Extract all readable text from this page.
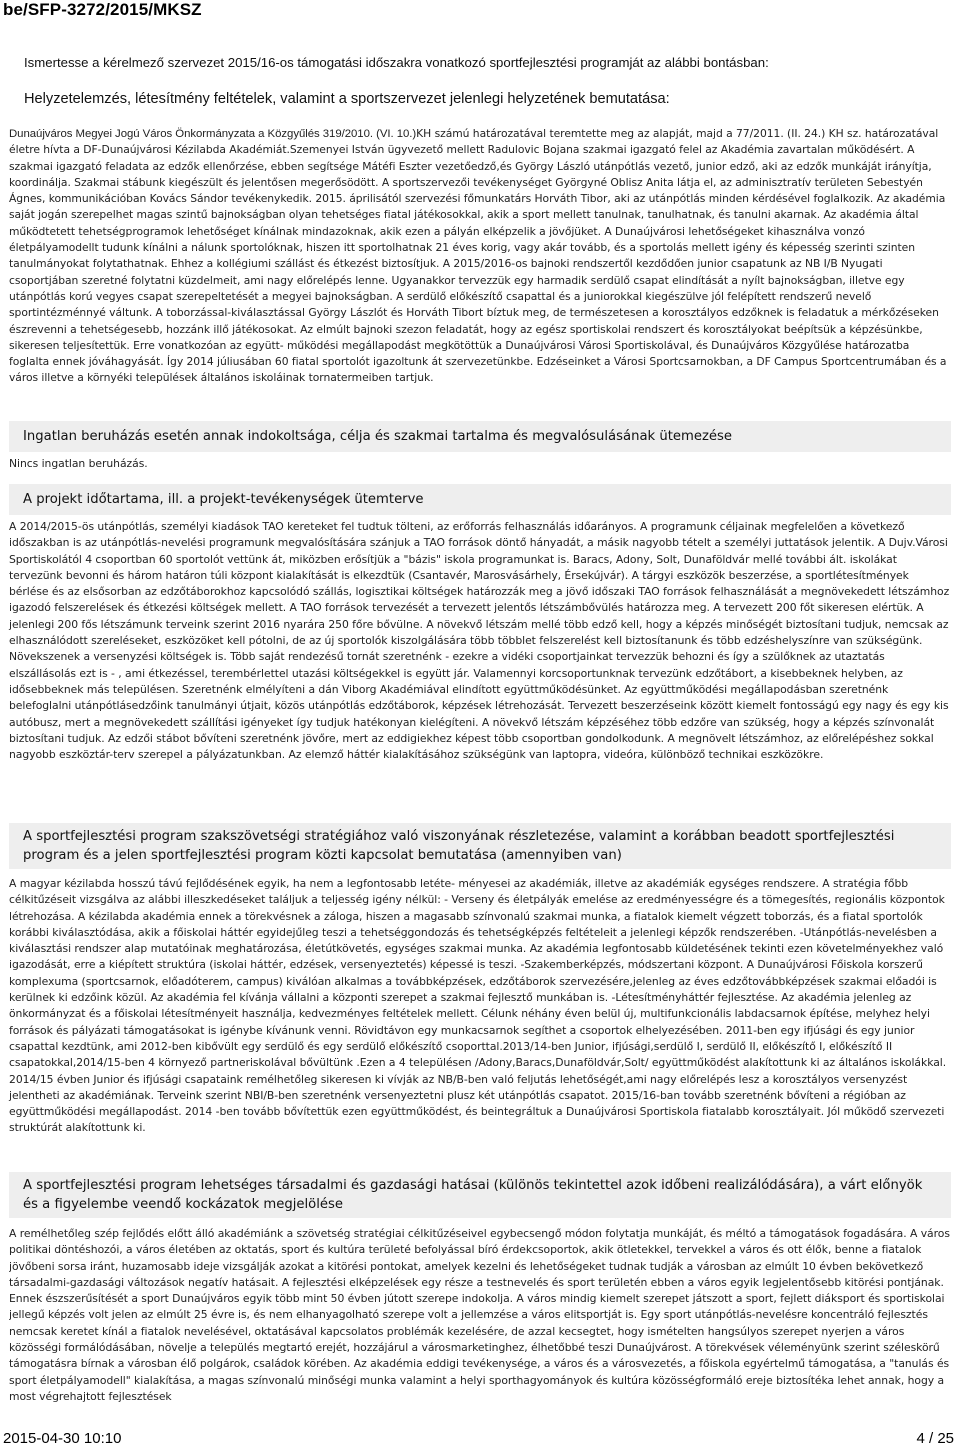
be/SFP-3272/2015/MKSZ
Ismertesse a kérelmező szervezet 2015/16-os támogatási időszakra vonatkozó sportfejlesztési programját az alábbi bontásban:
Helyzetelemzés, létesítmény feltételek, valamint a sportszervezet jelenlegi helyzetének bemutatása:

Dunaújváros Megyei Jogú Város Önkormányzata a Közgyűlés 319/2010. (VI. 10.)KH számú határozatával teremtette meg az alapját, majd a 77/2011. (II. 24.) KH sz. határozatával életre hívta a DF-Dunaújvárosi Kézilabda Akadémiát.Szemenyei István ügyvezető mellett Radulovic Bojana szakmai igazgató felel az Akadémia zavartalan működésért. A szakmai igazgató feladata az edzők ellenőrzése, ebben segítsége Mátéfi Eszter vezetőedző,és György László utánpótlás vezető, junior edző, aki az edzők munkáját irányítja, koordinálja. Szakmai stábunk kiegészült és jelentősen megerősödött. A sportszervezői tevékenységet Györgyné Oblisz Anita látja el, az adminisztratív területen Sebestyén Ágnes, kommunikációban Kovács Sándor tevékenykedik. 2015. áprilisától szervezési főmunkatárs Horváth Tibor, aki az utánpótlás minden kérdésével foglalkozik. Az akadémia saját jogán szerepelhet magas szintű bajnokságban olyan tehetséges fiatal játékosokkal, akik a sport mellett tanulnak, tanulhatnak, és tanulni akarnak. Az akadémia által működtetett tehetségprogramok lehetőséget kínálnak mindazoknak, akik ezen a pályán elképzelik a jövőjüket. A Dunaújvárosi lehetőségeket kihasználva vonzó életpályamodellt tudunk kínálni a nálunk sportolóknak, hiszen itt sportolhatnak 21 éves korig, vagy akár tovább, és a sportolás mellett igény és képesség szerinti szinten tanulmányokat folytathatnak. Ehhez a kollégiumi szállást és étkezést biztosítjuk. A 2015/2016-os bajnoki rendszertől kezdődően junior csapatunk az NB I/B Nyugati csoportjában szeretné folytatni küzdelmeit, ami nagy előrelépés lenne. Ugyanakkor tervezzük egy harmadik serdülő csapat elindítását a nyílt bajnokságban, illetve egy utánpótlás korú vegyes csapat szerepeltetését a megyei bajnokságban. A serdülő előkészítő csapattal és a juniorokkal kiegészülve jól felépített rendszerű nevelő sportintézménnyé váltunk. A toborzással-kiválasztással György Lászlót és Horváth Tibort bíztuk meg, de természetesen a korosztályos edzőknek is feladatuk a mérkőzéseken észrevenni a tehetségesebb, hozzánk illő játékosokat. Az elmúlt bajnoki szezon feladatát, hogy az egész sportiskolai rendszert és korosztályokat beépítsük a képzésünkbe, sikeresen teljesítettük. Erre vonatkozóan az együtt- működési megállapodást megkötöttük a Dunaújvárosi Városi Sportiskolával, és Dunaújváros Közgyűlése határozatba foglalta ennek jóváhagyását. Így 2014 júliusában 60 fiatal sportolót igazoltunk át szervezetünkbe. Edzéseinket a Városi Sportcsarnokban, a DF Campus Sportcentrumában és a város illetve a környéki települések általános iskoláinak tornatermeiben tartjuk.

Ingatlan beruházás esetén annak indokoltsága, célja és szakmai tartalma és megvalósulásának ütemezése

Nincs ingatlan beruházás.

A projekt időtartama, ill. a projekt-tevékenységek ütemterve

A 2014/2015-ös utánpótlás, személyi kiadások TAO kereteket fel tudtuk tölteni, az erőforrás felhasználás időarányos. A programunk céljainak megfelelően a következő időszakban is az utánpótlás-nevelési programunk megvalósítására szánjuk a TAO források döntő hányadát, a másik nagyobb tételt a személyi juttatások jelentik. A Dujv.Városi Sportiskolától 4 csoportban 60 sportolót vettünk át, miközben erősítjük a "bázis" iskola programunkat is. Baracs, Adony, Solt, Dunaföldvár mellé további ált. iskolákat tervezünk bevonni és három határon túli központ kialakítását is elkezdtük (Csantavér, Marosvásárhely, Érsekújvár). A tárgyi eszközök beszerzése, a sportlétesítmények bérlése és az elsősorban az edzőtáborokhoz kapcsolódó szállás, logisztikai költségek határozzák meg a jövő időszaki TAO források felhasználását a megnövekedett létszámhoz igazodó felszerelések és étkezési költségek mellett. A TAO források tervezését a tervezett jelentős létszámbővülés határozza meg. A tervezett 200 főt sikeresen elértük. A jelenlegi 200 fős létszámunk terveink szerint 2016 nyarára 250 főre bővülne. A növekvő létszám mellé több edző kell, hogy a képzés minőségét biztosítani tudjuk, nemcsak az elhasználódott szereléseket, eszközöket kell pótolni, de az új sportolók kiszolgálására több többlet felszerelést kell biztosítanunk és több edzéshelyszínre van szükségünk. Növekszenek a versenyzési költségek is. Több saját rendezésű tornát szeretnénk - ezekre a vidéki csoportjainkat tervezzük behozni és így a szülőknek az utaztatás elszállásolás ezt is - , ami étkezéssel, terembérlettel utazási költségekkel is együtt jár. Valamennyi korcsoportunknak tervezünk edzőtábort, a kisebbeknek helyben, az idősebbeknek más településen. Szeretnénk elmélyíteni a dán Viborg Akadémiával elindított együttműködésünket. Az együttműködési megállapodásban szeretnénk belefoglalni utánpótlásedzőink tanulmányi útjait, közös utánpótlás edzőtáborok, képzések létrehozását. Tervezett beszerzéseink között kiemelt fontosságú egy nagy és egy kis autóbusz, mert a megnövekedett szállítási igényeket így tudjuk hatékonyan kielégíteni. A növekvő létszám képzéséhez több edzőre van szükség, hogy a képzés színvonalát biztosítani tudjuk. Az edzői stábot bővíteni szeretnénk jövőre, mert az eddigiekhez képest több csoportban gondolkodunk. A megnövelt létszámhoz, az előrelépéshez sokkal nagyobb eszköztár-terv szerepel a pályázatunkban. Az elemző háttér kialakításához szükségünk van laptopra, videóra, különböző technikai eszközökre.

A sportfejlesztési program szakszövetségi stratégiához való viszonyának részletezése, valamint a korábban beadott sportfejlesztési program és a jelen sportfejlesztési program közti kapcsolat bemutatása (amennyiben van)

A magyar kézilabda hosszú távú fejlődésének egyik, ha nem a legfontosabb letéte- ményesei az akadémiák, illetve az akadémiák egységes rendszere. A stratégia főbb célkitűzéseit vizsgálva az alábbi illeszkedéseket találjuk a teljesség igény nélkül: - Verseny és életpályák emelése az eredményességre és a tömegesítés, regionális központok létrehozása. A kézilabda akadémia ennek a törekvésnek a záloga, hiszen a magasabb színvonalú szakmai munka, a fiatalok kiemelt végzett toborzás, és a fiatal sportolók korábbi kiválasztódása, akik a főiskolai háttér egyidejűleg teszi a tehetséggondozás és tehetségképzés feltételeit a jelenlegi képzők rendszerében. -Utánpótlás-nevelésben a kiválasztási rendszer alap mutatóinak meghatározása, életútkövetés, egységes szakmai munka. Az akadémia legfontosabb küldetésének tekinti ezen követelményekhez való igazodását, erre a kiépített struktúra (iskolai háttér, edzések, versenyeztetés) képessé is teszi. -Szakemberképzés, módszertani központ. A Dunaújvárosi Főiskola korszerű komplexuma (sportcsarnok, előadóterem, campus) kiválóan alkalmas a továbbképzések, edzőtáborok szervezésére,jelenleg az éves edzőtovábbképzések szakmai előadói is kerülnek ki edzőink közül. Az akadémia fel kívánja vállalni a központi szerepet a szakmai fejlesztő munkában is. -Létesítményháttér fejlesztése. Az akadémia jelenleg az önkormányzat és a főiskolai létesítményeit használja, kedvezményes feltételek mellett. Célunk néhány éven belül új, multifunkcionális labdacsarnok építése, melyhez helyi források és pályázati támogatásokat is igénybe kívánunk venni. Rövidtávon egy munkacsarnok segíthet a csoportok elhelyezésében. 2011-ben egy ifjúsági és egy junior csapattal kezdtünk, ami 2012-ben kibővült egy serdülő és egy serdülő előkészítő csoporttal.2013/14-ben Junior, ifjúsági,serdülő I, serdülő II, előkészítő I, előkészítő II csapatokkal,2014/15-ben 4 környező partneriskolával bővültünk .Ezen a 4 településen /Adony,Baracs,Dunaföldvár,Solt/ együttműködést alakítottunk ki az általános iskolákkal. 2014/15 évben Junior és ifjúsági csapataink remélhetőleg sikeresen ki vívják az NB/B-ben való feljutás lehetőségét,ami nagy előrelépés lesz a korosztályos versenyzést jelentheti az akadémiának. Terveink szerint NBI/B-ben szeretnénk versenyeztetni plusz két utánpótlás csapatot. 2015/16-ban tovább szeretnénk bővíteni a régióban az együttműködési megállapodást. 2014 -ben tovább bővítettük ezen együttműködést, és beintegráltuk a Dunaújvárosi Sportiskola fiatalabb korosztályait. Jól működő szervezeti struktúrát alakítottunk ki.

A sportfejlesztési program lehetséges társadalmi és gazdasági hatásai (különös tekintettel azok időbeni realizálódására), a várt előnyök és a figyelembe veendő kockázatok megjelölése

A remélhetőleg szép fejlődés előtt álló akadémiánk a szövetség stratégiai célkitűzéseivel egybecsengő módon folytatja munkáját, és méltó a támogatások fogadására. A város politikai döntéshozói, a város életében az oktatás, sport és kultúra területé befolyással bíró érdekcsoportok, akik ötletekkel, tervekkel a város és ott élők, benne a fiatalok jövőbeni sorsa iránt, huzamosabb ideje vizsgálják azokat a kitörési pontokat, amelyek kezelni és lehetőségeket tudnak tudják a városban az elmúlt 10 évben bekövetkező társadalmi-gazdasági változások negatív hatásait. A fejlesztési elképzelések egy része a testnevelés és sport területén ebben a város egyik legjelentősebb kitörési pontjának. Ennek észszerűsítését a sport Dunaújváros egyik több mint 50 évben jútott szerepe indokolja. A város mindig kiemelt szerepet játszott a sport, fejlett diáksport és sportiskolai jellegű képzés volt jelen az elmúlt 25 évre is, és nem elhanyagolható szerepe volt a jellemzése a város elitsportját is. Egy sport utánpótlás-nevelésre koncentráló fejlesztés nemcsak keretet kínál a fiatalok nevelésével, oktatásával kapcsolatos problémák kezelésére, de azzal kecsegtet, hogy ismételten hangsúlyos szerepet nyerjen a város közösségi formálódásában, növelje a település megtartó erejét, hozzájárul a városmarketinghez, élhetőbbé teszi Dunaújvárost. A törekvések véleményünk szerint széleskörű támogatásra bírnak a városban élő polgárok, családok körében. Az akadémia eddigi tevékenysége, a város és a városvezetés, a főiskola egyértelmű támogatása, a "tanulás és sport életpályamodell" kialakítása, a magas színvonalú minőségi munka valamint a helyi sporthagyományok és kultúra közösségformáló ereje biztosítéka lehet annak, hogy a most végrehajtott fejlesztések

2015-04-30 10:10	4 / 25
